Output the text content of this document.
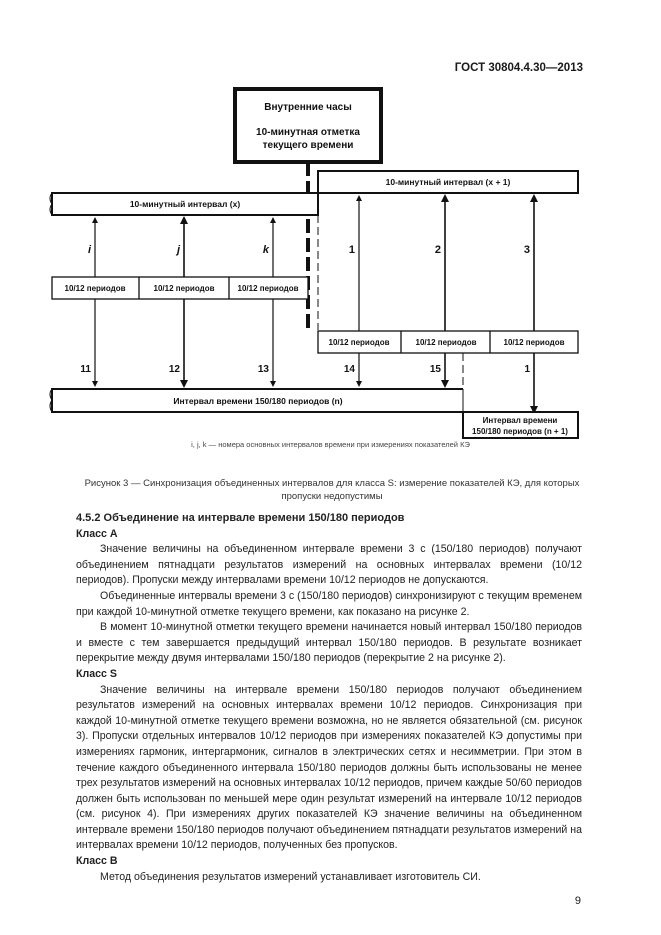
ГОСТ 30804.4.30—2013
Внутренние часы
10-минутная отметка
текущего времени
10-минутный интервал (x)
10-минутный интервал (x + 1)
10/12 периодов	10/12 периодов	10/12 периодов
10/12 периодов	10/12 периодов	10/12 периодов
i	j	k	1	2	3
11	12	13	14	15	1
Интервал времени 150/180 периодов (n)
Интервал времени
150/180 периодов (n + 1)
i, j, k — номера основных интервалов времени при измерениях показателей КЭ
Рисунок 3 — Синхронизация объединенных интервалов для класса S: измерение показателей КЭ, для которых пропуски недопустимы

4.5.2 Объединение на интервале времени 150/180 периодов

Класс А

Значение величины на объединенном интервале времени 3 с (150/180 периодов) получают объединением пятнадцати результатов измерений на основных интервалах времени (10/12 периодов). Пропуски между интервалами времени 10/12 периодов не допускаются.

Объединенные интервалы времени 3 с (150/180 периодов) синхронизируют с текущим временем при каждой 10-минутной отметке текущего времени, как показано на рисунке 2.

В момент 10-минутной отметки текущего времени начинается новый интервал 150/180 периодов и вместе с тем завершается предыдущий интервал 150/180 периодов. В результате возникает перекрытие между двумя интервалами 150/180 периодов (перекрытие 2 на рисунке 2).

Класс S

Значение величины на интервале времени 150/180 периодов получают объединением результатов измерений на основных интервалах времени 10/12 периодов. Синхронизация при каждой 10-минутной отметке текущего времени возможна, но не является обязательной (см. рисунок 3). Пропуски отдельных интервалов 10/12 периодов при измерениях показателей КЭ допустимы при измерениях гармоник, интергармоник, сигналов в электрических сетях и несимметрии. При этом в течение каждого объединенного интервала 150/180 периодов должны быть использованы не менее трех результатов измерений на основных интервалах 10/12 периодов, причем каждые 50/60 периодов должен быть использован по меньшей мере один результат измерений на интервале 10/12 периодов (см. рисунок 4). При измерениях других показателей КЭ значение величины на объединенном интервале времени 150/180 периодов получают объединением пятнадцати результатов измерений на интервалах времени 10/12 периодов, полученных без пропусков.

Класс В

Метод объединения результатов измерений устанавливает изготовитель СИ.

9
